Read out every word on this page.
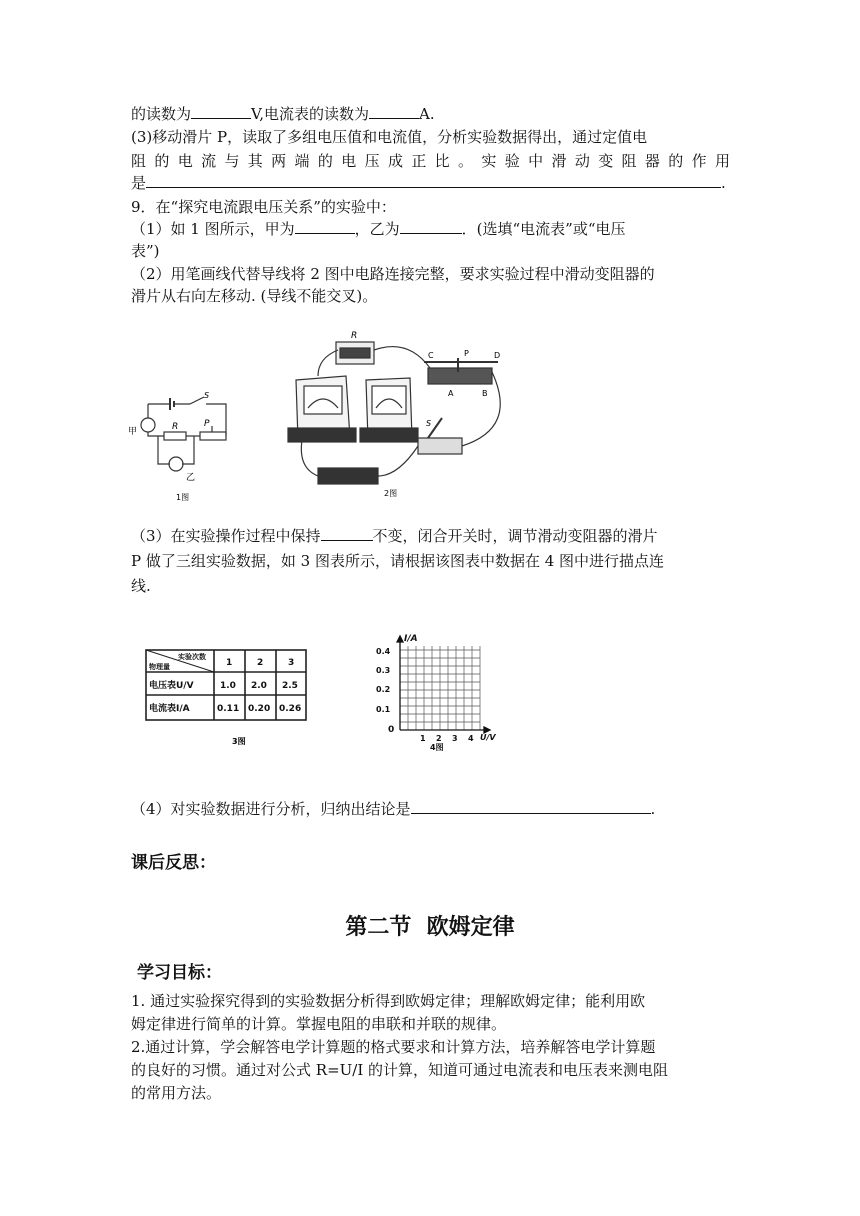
的读数为	V,电流表的读数为	A.
(3)移动滑片 P，读取了多组电压值和电流值，分析实验数据得出，通过定值电
阻的电流与其两端的电压成正比。实验中滑动变阻器的作用
是	.
9．在“探究电流跟电压关系”的实验中：
（1）如 1 图所示，甲为	，乙为	．(选填“电流表”或“电压
表”)
（2）用笔画线代替导线将 2 图中电路连接完整，要求实验过程中滑动变阻器的
滑片从右向左移动. (导线不能交叉)。
甲
乙
R	P
S
1图
R
C	P	D
A	B
S
2图
（3）在实验操作过程中保持	不变，闭合开关时，调节滑动变阻器的滑片
P 做了三组实验数据，如 3 图表所示，请根据该图表中数据在 4 图中进行描点连
线.
实验次数
物理量	1	2	3
电压表U/V	1.0 2.0 2.5
电流表I/A	0.11 0.20 0.26
3图
I/A
U/V
0
0.1
0.2
0.3
0.4
1 2 3 4
4图
（4）对实验数据进行分析，归纳出结论是	.
课后反思：
第二节  欧姆定律
学习目标：
1. 通过实验探究得到的实验数据分析得到欧姆定律；理解欧姆定律；能利用欧
姆定律进行简单的计算。掌握电阻的串联和并联的规律。
2.通过计算，学会解答电学计算题的格式要求和计算方法，培养解答电学计算题
的良好的习惯。通过对公式 R=U/I 的计算，知道可通过电流表和电压表来测电阻
的常用方法。
